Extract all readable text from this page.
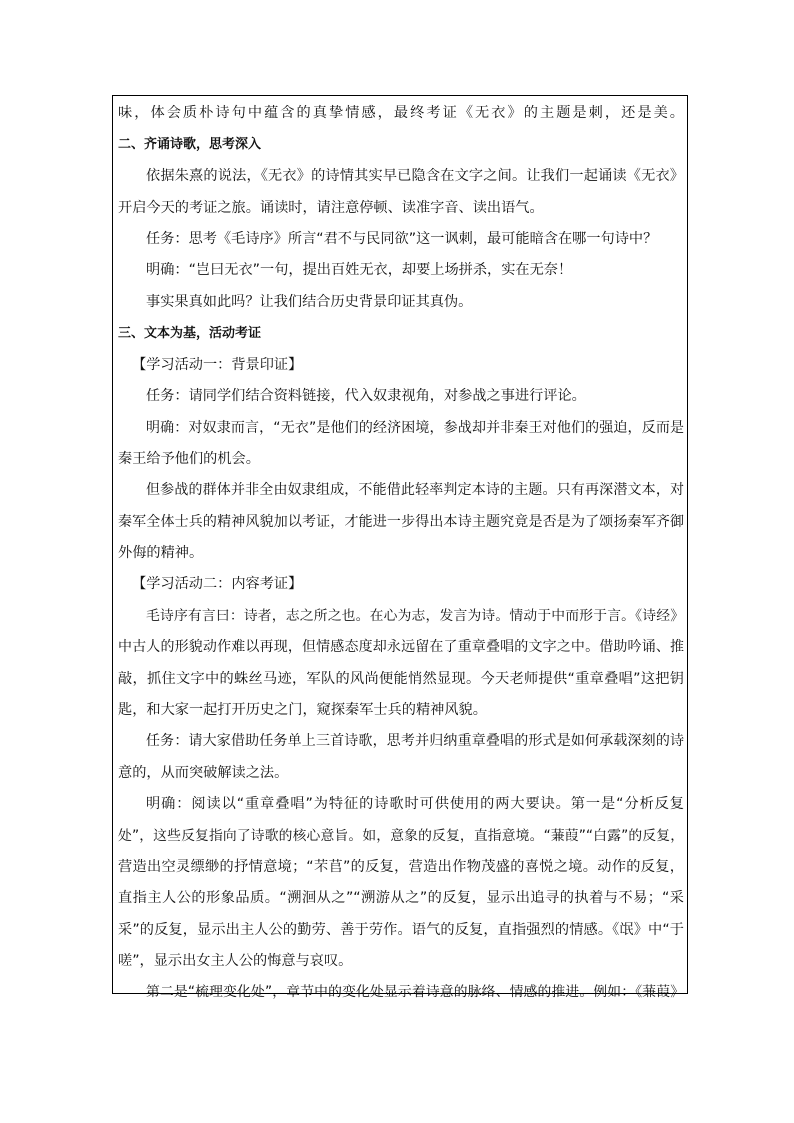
味，体会质朴诗句中蕴含的真挚情感，最终考证《无衣》的主题是刺，还是美。
二、齐诵诗歌，思考深入
依据朱熹的说法，《无衣》的诗情其实早已隐含在文字之间。让我们一起诵读《无衣》
开启今天的考证之旅。诵读时，请注意停顿、读准字音、读出语气。
任务：思考《毛诗序》所言“君不与民同欲”这一讽刺，最可能暗含在哪一句诗中？
明确：“岂曰无衣”一句，提出百姓无衣，却要上场拼杀，实在无奈！
事实果真如此吗？让我们结合历史背景印证其真伪。
三、文本为基，活动考证
【学习活动一：背景印证】
任务：请同学们结合资料链接，代入奴隶视角，对参战之事进行评论。
明确：对奴隶而言，“无衣”是他们的经济困境，参战却并非秦王对他们的强迫，反而是
秦王给予他们的机会。
但参战的群体并非全由奴隶组成，不能借此轻率判定本诗的主题。只有再深潜文本，对
秦军全体士兵的精神风貌加以考证，才能进一步得出本诗主题究竟是否是为了颂扬秦军齐御
外侮的精神。
【学习活动二：内容考证】
毛诗序有言曰：诗者，志之所之也。在心为志，发言为诗。情动于中而形于言。《诗经》
中古人的形貌动作难以再现，但情感态度却永远留在了重章叠唱的文字之中。借助吟诵、推
敲，抓住文字中的蛛丝马迹，军队的风尚便能悄然显现。今天老师提供“重章叠唱”这把钥
匙，和大家一起打开历史之门，窥探秦军士兵的精神风貌。
任务：请大家借助任务单上三首诗歌，思考并归纳重章叠唱的形式是如何承载深刻的诗
意的，从而突破解读之法。
明确：阅读以“重章叠唱”为特征的诗歌时可供使用的两大要诀。第一是“分析反复
处”，这些反复指向了诗歌的核心意旨。如，意象的反复，直指意境。“蒹葭”“白露”的反复，
营造出空灵缥缈的抒情意境；“芣苢”的反复，营造出作物茂盛的喜悦之境。动作的反复，
直指主人公的形象品质。“溯洄从之”“溯游从之”的反复，显示出追寻的执着与不易；“采
采”的反复，显示出主人公的勤劳、善于劳作。语气的反复，直指强烈的情感。《氓》中“于
嗟”，显示出女主人公的悔意与哀叹。
第二是“梳理变化处”，章节中的变化处显示着诗意的脉络、情感的推进。例如：《蒹葭》
